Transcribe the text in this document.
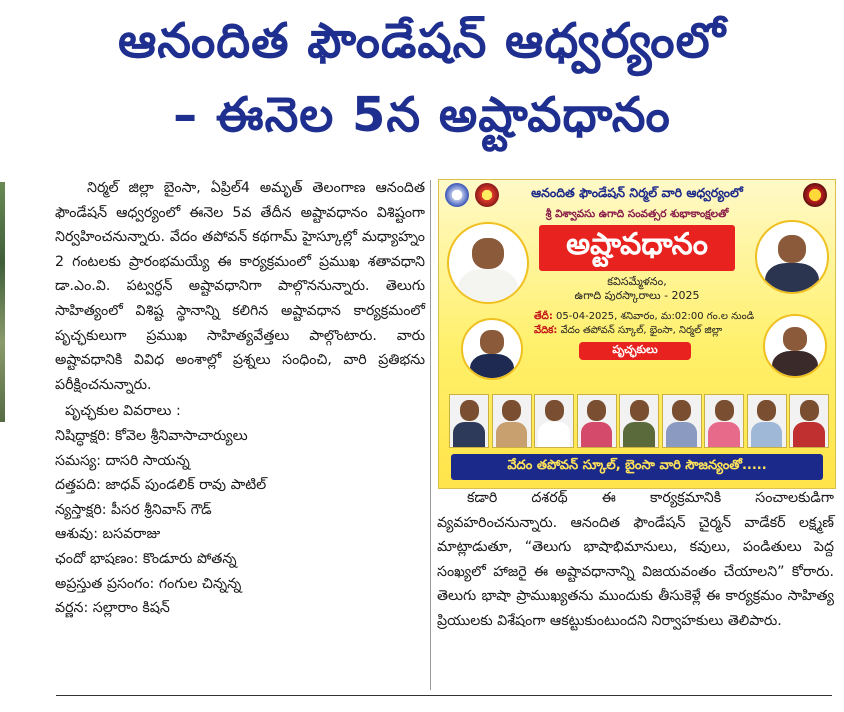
ఆనందిత ఫౌండేషన్ ఆధ్వర్యంలో
– ఈనెల 5న అష్టావధానం

నిర్మల్ జిల్లా బైంసా, ఏప్రిల్4 అమృత్ తెలంగాణ ఆనందిత ఫౌండేషన్ ఆధ్వర్యంలో ఈనెల 5వ తేదీన అష్టావధానం విశిష్టంగా నిర్వహించనున్నారు. వేదం తపోవన్ కథగామ్ హైస్కూల్లో మధ్యాహ్నం 2 గంటలకు ప్రారంభమయ్యే ఈ కార్యక్రమంలో ప్రముఖ శతావధాని డా.ఎం.వి. పట్వర్ధన్ అష్టావధానిగా పాల్గొననున్నారు. తెలుగు సాహిత్యంలో విశిష్ట స్థానాన్ని కలిగిన అష్టావధాన కార్యక్రమంలో పృచ్ఛకులుగా ప్రముఖ సాహిత్యవేత్తలు పాల్గొంటారు. వారు అష్టావధానికి వివిధ అంశాల్లో ప్రశ్నలు సంధించి, వారి ప్రతిభను పరీక్షించనున్నారు.

పృచ్ఛకుల వివరాలు :
నిషిద్ధాక్షరి: కోవెల శ్రీనివాసాచార్యులు
సమస్య: దాసరి సాయన్న
దత్తపది: జాధవ్ పుండలిక్ రావు పాటిల్
న్యస్తాక్షరి: పీసర శ్రీనివాస్ గౌడ్
ఆశువు: బసవరాజు
ఛందో భాషణం: కొండూరు పోతన్న
అప్రస్తుత ప్రసంగం: గంగుల చిన్నన్న
వర్ణన: సల్లారాం కిషన్
ఆనందిత ఫౌండేషన్ నిర్మల్ వారి ఆధ్వర్యంలో
శ్రీ విశ్వావసు ఉగాది సంవత్సర శుభాకాంక్షలతో
అష్టావధానం
కవిసమ్మేళనం,
ఉగాది పురస్కారాలు - 2025
తేదీ: 05-04-2025, శనివారం, మ:02:00 గం.ల నుండి
వేదిక: వేదం తపోవన్ స్కూల్, భైంసా, నిర్మల్ జిల్లా
పృచ్ఛకులు
వేదం తపోవన్ స్కూల్, బైంసా వారి సౌజన్యంతో.....
కడారి దశరథ్ ఈ కార్యక్రమానికి సంచాలకుడిగా వ్యవహరించనున్నారు. ఆనందిత ఫౌండేషన్ చైర్మన్ వాడేకర్ లక్ష్మణ్ మాట్లాడుతూ, “తెలుగు భాషాభిమానులు, కవులు, పండితులు పెద్ద సంఖ్యలో హాజరై ఈ అష్టావధానాన్ని విజయవంతం చేయాలని” కోరారు. తెలుగు భాషా ప్రాముఖ్యతను ముందుకు తీసుకెళ్లే ఈ కార్యక్రమం సాహిత్య ప్రియులకు విశేషంగా ఆకట్టుకుంటుందని నిర్వాహకులు తెలిపారు.
